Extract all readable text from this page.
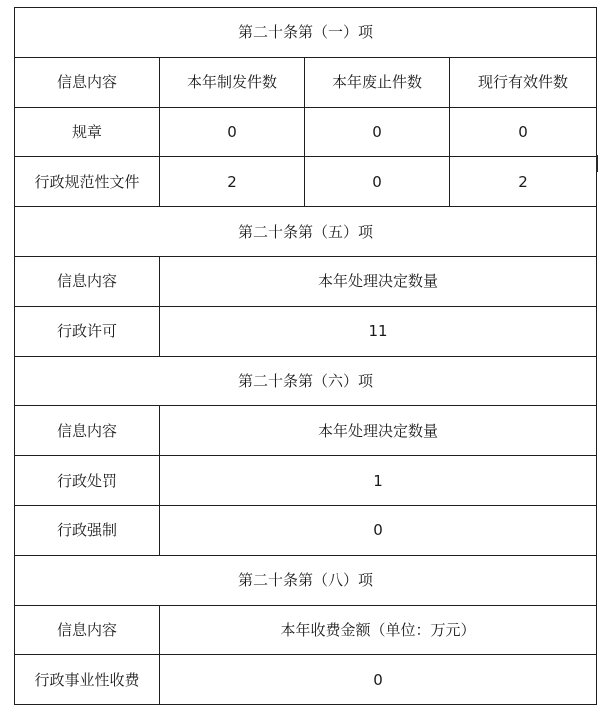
第二十条第（一）项			
信息内容	本年制发件数	本年废止件数	现行有效件数
规章	0	0	0
行政规范性文件	2	0	2
第二十条第（五）项			
信息内容	本年处理决定数量		
行政许可	11		
第二十条第（六）项			
信息内容	本年处理决定数量		
行政处罚	1		
行政强制	0		
第二十条第（八）项			
信息内容	本年收费金额（单位：万元）		
行政事业性收费	0		
